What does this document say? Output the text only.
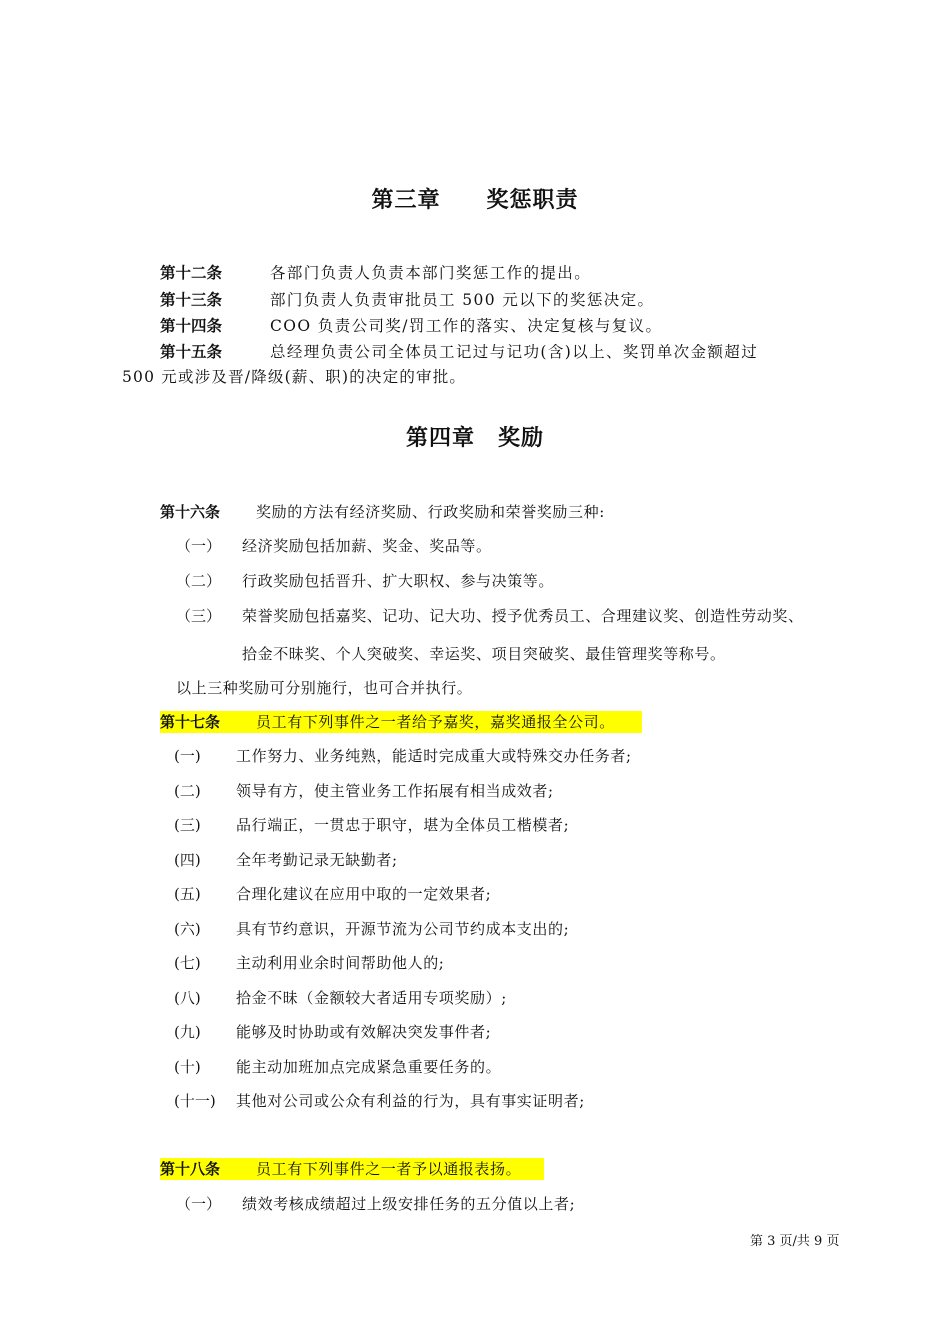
第三章　　奖惩职责
第十二条	各部门负责人负责本部门奖惩工作的提出。
第十三条	部门负责人负责审批员工 500 元以下的奖惩决定。
第十四条	COO 负责公司奖/罚工作的落实、决定复核与复议。
第十五条	总经理负责公司全体员工记过与记功(含)以上、奖罚单次金额超过
500 元或涉及晋/降级(薪、职)的决定的审批。
第四章　奖励
第十六条 奖励的方法有经济奖励、行政奖励和荣誉奖励三种:
（一） 经济奖励包括加薪、奖金、奖品等。
（二） 行政奖励包括晋升、扩大职权、参与决策等。
（三） 荣誉奖励包括嘉奖、记功、记大功、授予优秀员工、合理建议奖、创造性劳动奖、
拾金不昧奖、个人突破奖、幸运奖、项目突破奖、最佳管理奖等称号。
以上三种奖励可分别施行，也可合并执行。
第十七条 员工有下列事件之一者给予嘉奖，嘉奖通报全公司。
(一) 工作努力、业务纯熟，能适时完成重大或特殊交办任务者;
(二) 领导有方，使主管业务工作拓展有相当成效者;
(三) 品行端正，一贯忠于职守，堪为全体员工楷模者;
(四) 全年考勤记录无缺勤者;
(五) 合理化建议在应用中取的一定效果者;
(六) 具有节约意识，开源节流为公司节约成本支出的;
(七) 主动利用业余时间帮助他人的;
(八) 拾金不昧（金额较大者适用专项奖励）;
(九) 能够及时协助或有效解决突发事件者;
(十) 能主动加班加点完成紧急重要任务的。
(十一) 其他对公司或公众有利益的行为，具有事实证明者;
第十八条 员工有下列事件之一者予以通报表扬。
（一） 绩效考核成绩超过上级安排任务的五分值以上者;
第 3 页/共 9 页
